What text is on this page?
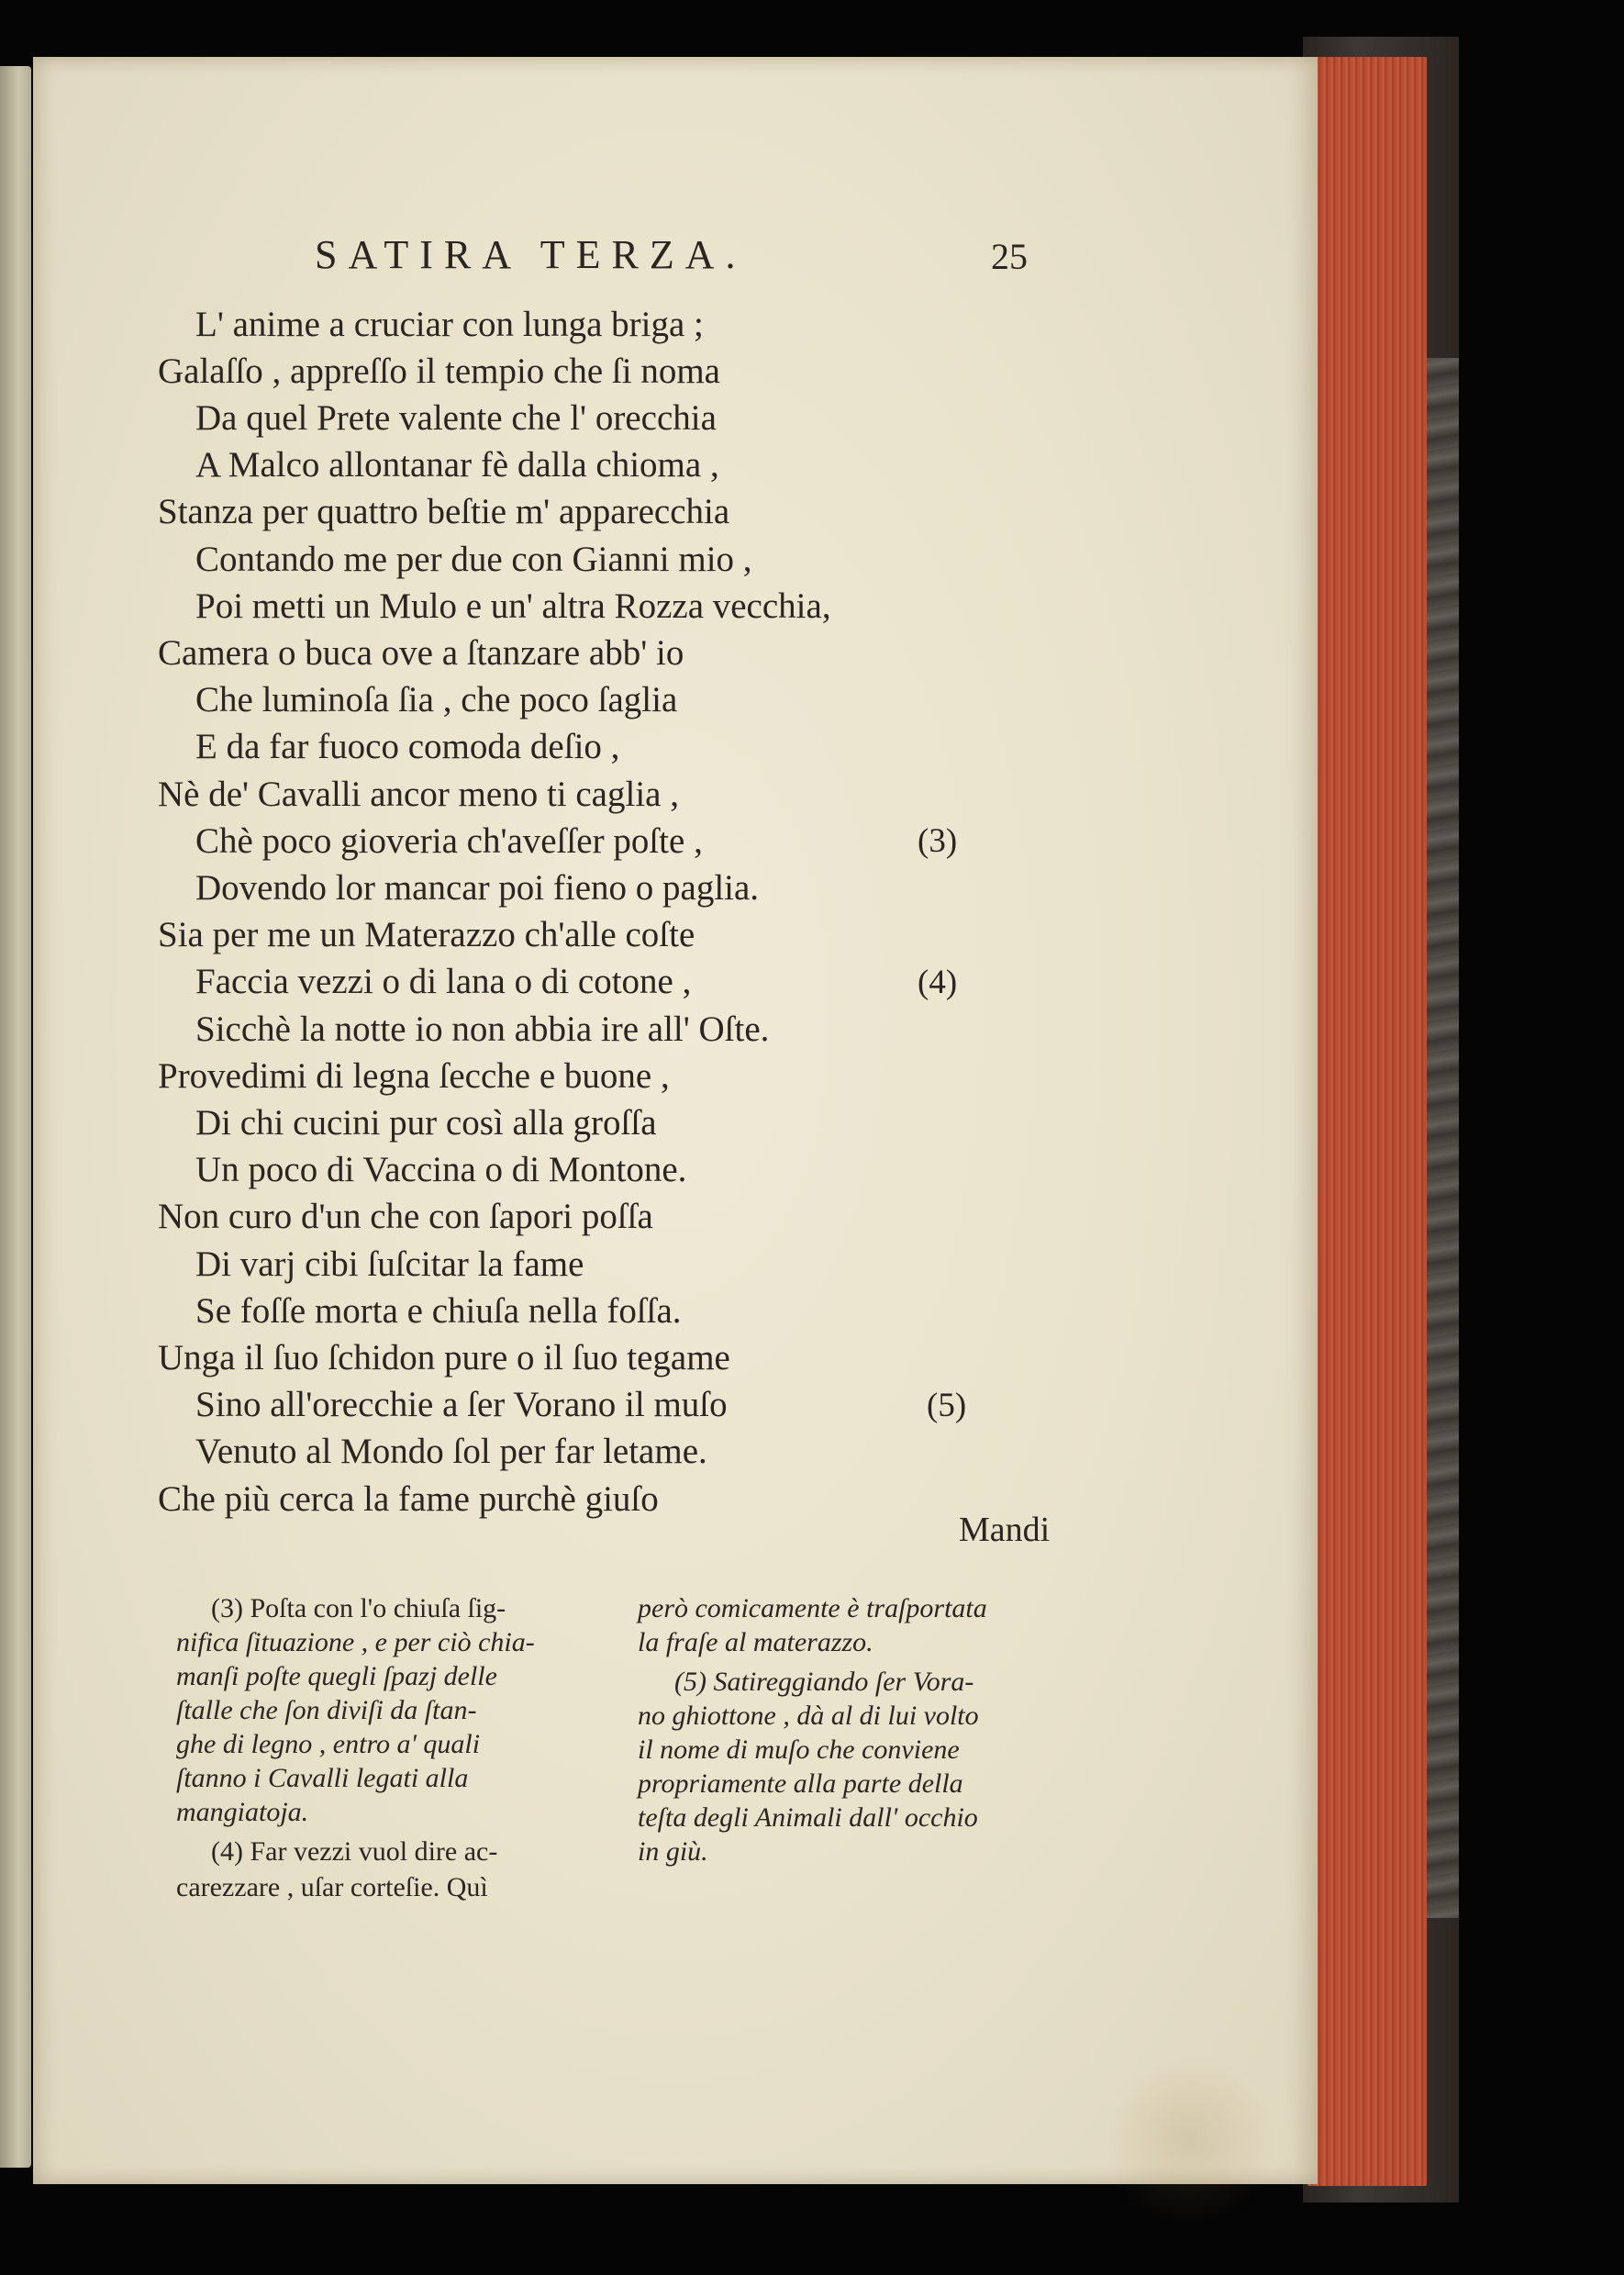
SATIRA TERZA.	25
L' anime a cruciar con lunga briga ;
Galaſſo , appreſſo il tempio che ſi noma
Da quel Prete valente che l' orecchia
A Malco allontanar fè dalla chioma ,
Stanza per quattro beſtie m' apparecchia
Contando me per due con Gianni mio ,
Poi metti un Mulo e un' altra Rozza vecchia,
Camera o buca ove a ſtanzare abb' io
Che luminoſa ſia , che poco ſaglia
E da far fuoco comoda deſio ,
Nè de' Cavalli ancor meno ti caglia ,
Chè poco gioveria ch'aveſſer poſte ,
Dovendo lor mancar poi fieno o paglia.
Sia per me un Materazzo ch'alle coſte
Faccia vezzi o di lana o di cotone ,
Sicchè la notte io non abbia ire all' Oſte.
Provedimi di legna ſecche e buone ,
Di chi cucini pur così alla groſſa
Un poco di Vaccina o di Montone.
Non curo d'un che con ſapori poſſa
Di varj cibi ſuſcitar la fame
Se foſſe morta e chiuſa nella foſſa.
Unga il ſuo ſchidon pure o il ſuo tegame
Sino all'orecchie a ſer Vorano il muſo
Venuto al Mondo ſol per far letame.
Che più cerca la fame purchè giuſo
(3)
(4)
(5)
Mandi
(3) Poſta con l'o chiuſa ſig-
nifica ſituazione , e per ciò chia-
manſi poſte quegli ſpazj delle
ſtalle che ſon diviſi da ſtan-
ghe di legno , entro a' quali
ſtanno i Cavalli legati alla
mangiatoja.
(4) Far vezzi vuol dire ac-
carezzare , uſar corteſie. Quì
però comicamente è traſportata
la fraſe al materazzo.
(5) Satireggiando ſer Vora-
no ghiottone , dà al di lui volto
il nome di muſo che conviene
propriamente alla parte della
teſta degli Animali dall' occhio
in giù.
